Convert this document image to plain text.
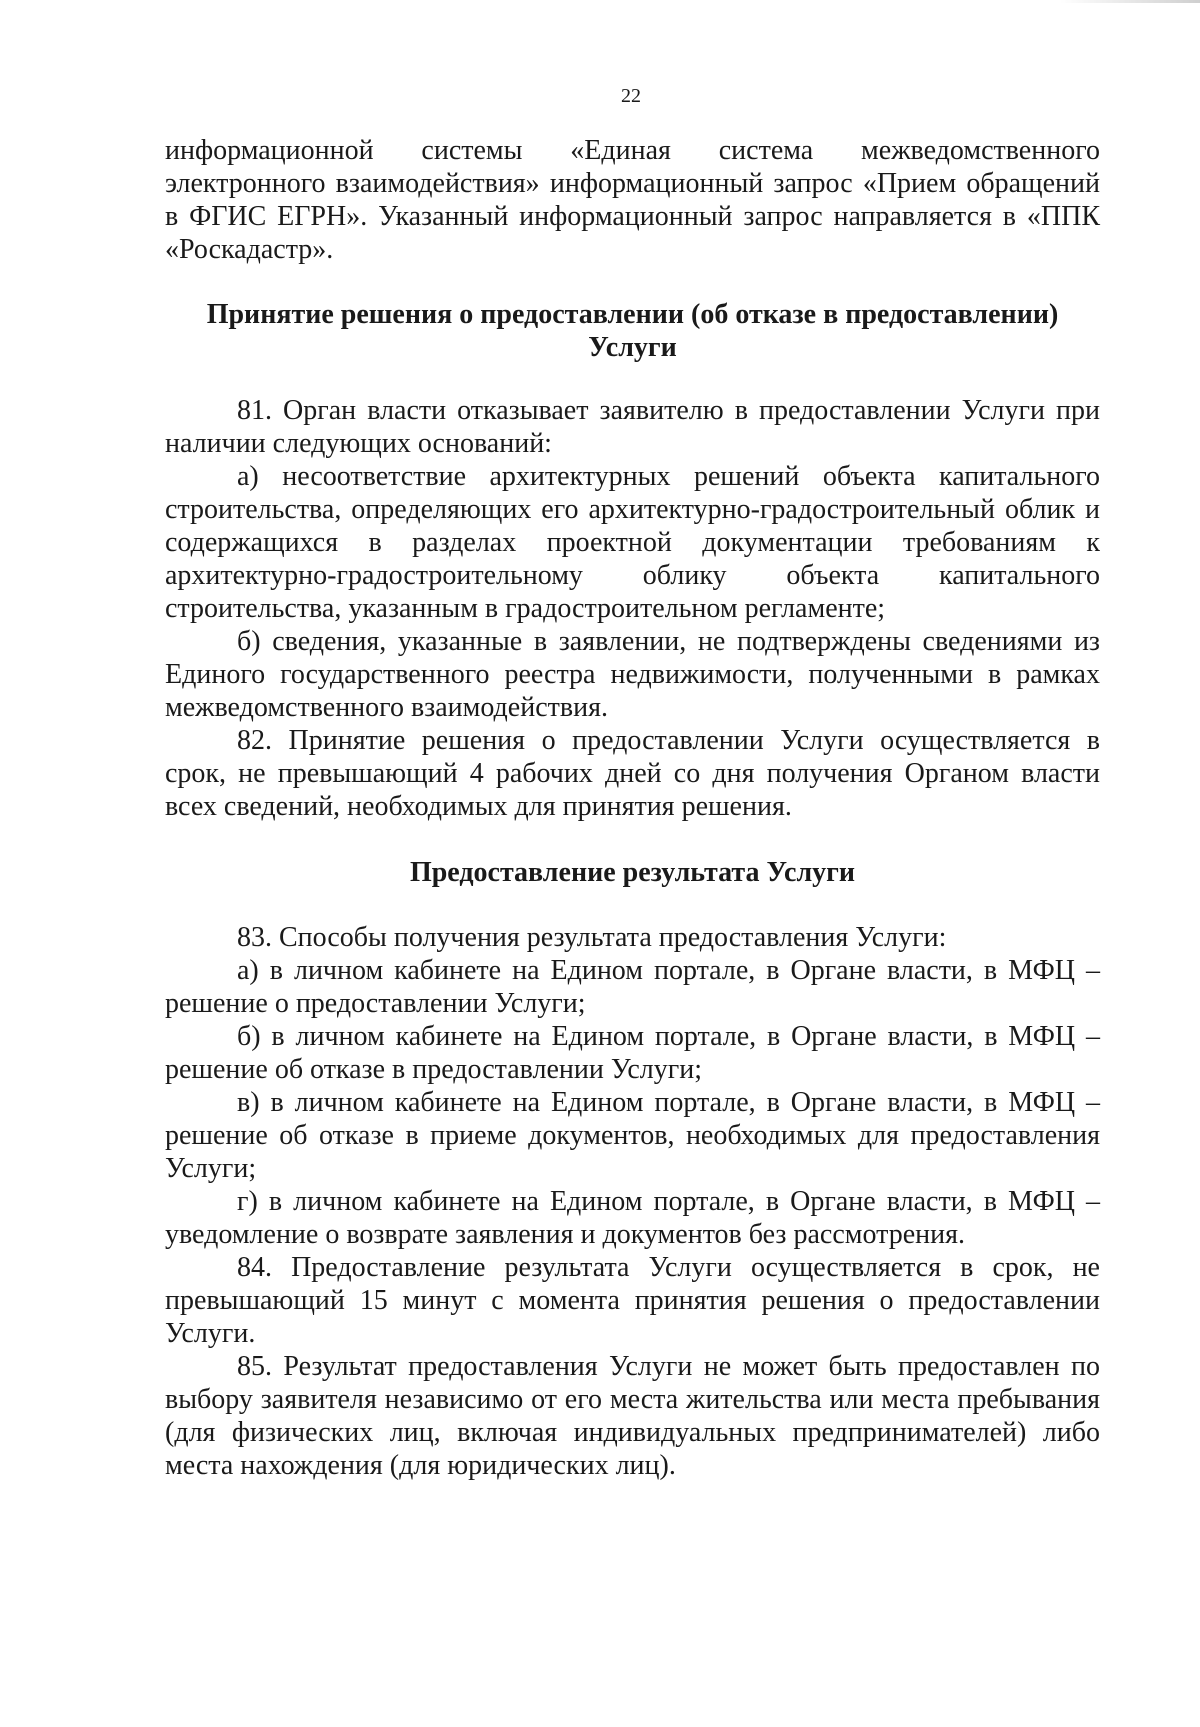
22

информационной системы «Единая система межведомственного электронного взаимодействия» информационный запрос «Прием обращений в ФГИС ЕГРН». Указанный информационный запрос направляется в «ППК «Роскадастр».

Принятие решения о предоставлении (об отказе в предоставлении) Услуги

81. Орган власти отказывает заявителю в предоставлении Услуги при наличии следующих оснований:

а) несоответствие архитектурных решений объекта капитального строительства, определяющих его архитектурно-градостроительный облик и содержащихся в разделах проектной документации требованиям к архитектурно-градостроительному облику объекта капитального строительства, указанным в градостроительном регламенте;

б) сведения, указанные в заявлении, не подтверждены сведениями из Единого государственного реестра недвижимости, полученными в рамках межведомственного взаимодействия.

82. Принятие решения о предоставлении Услуги осуществляется в срок, не превышающий 4 рабочих дней со дня получения Органом власти всех сведений, необходимых для принятия решения.

Предоставление результата Услуги

83. Способы получения результата предоставления Услуги:

а) в личном кабинете на Едином портале, в Органе власти, в МФЦ – решение о предоставлении Услуги;

б) в личном кабинете на Едином портале, в Органе власти, в МФЦ – решение об отказе в предоставлении Услуги;

в) в личном кабинете на Едином портале, в Органе власти, в МФЦ – решение об отказе в приеме документов, необходимых для предоставления Услуги;

г) в личном кабинете на Едином портале, в Органе власти, в МФЦ – уведомление о возврате заявления и документов без рассмотрения.

84. Предоставление результата Услуги осуществляется в срок, не превышающий 15 минут с момента принятия решения о предоставлении Услуги.

85. Результат предоставления Услуги не может быть предоставлен по выбору заявителя независимо от его места жительства или места пребывания (для физических лиц, включая индивидуальных предпринимателей) либо места нахождения (для юридических лиц).
